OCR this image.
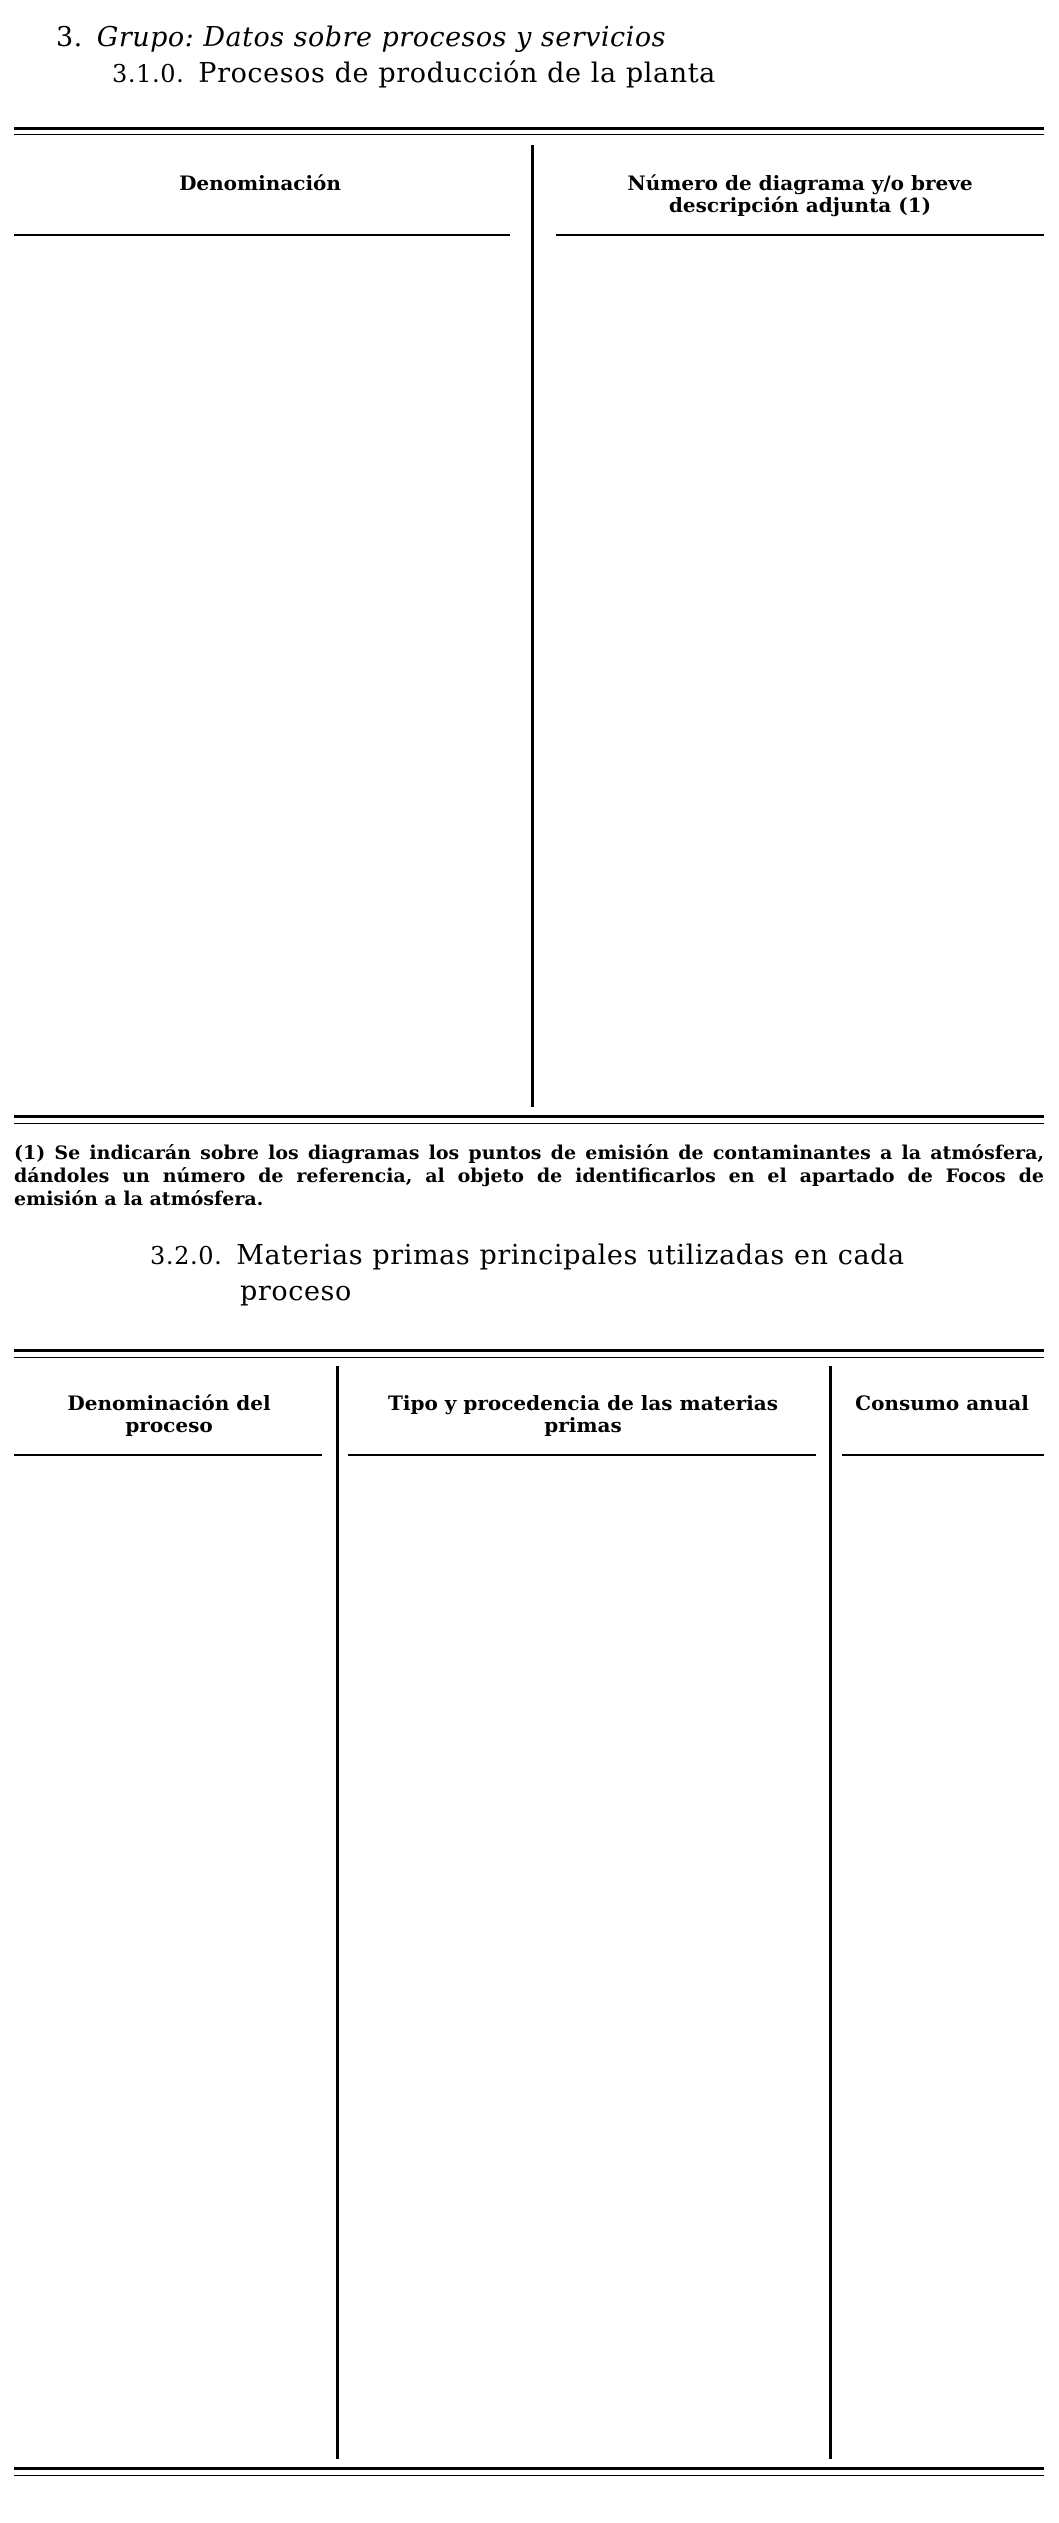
3. Grupo: Datos sobre procesos y servicios
3.1.0. Procesos de producción de la planta
Denominación	Número de diagrama y/o breve descripción adjunta (1)
(1) Se indicarán sobre los diagramas los puntos de emisión de contaminantes a la atmósfera, dándoles un número de referencia, al objeto de identificarlos en el apartado de Focos de emisión a la atmósfera.
3.2.0. Materias primas principales utilizadas en cada
proceso
Denominación del proceso
Tipo y procedencia de las materias primas
Consumo anual
